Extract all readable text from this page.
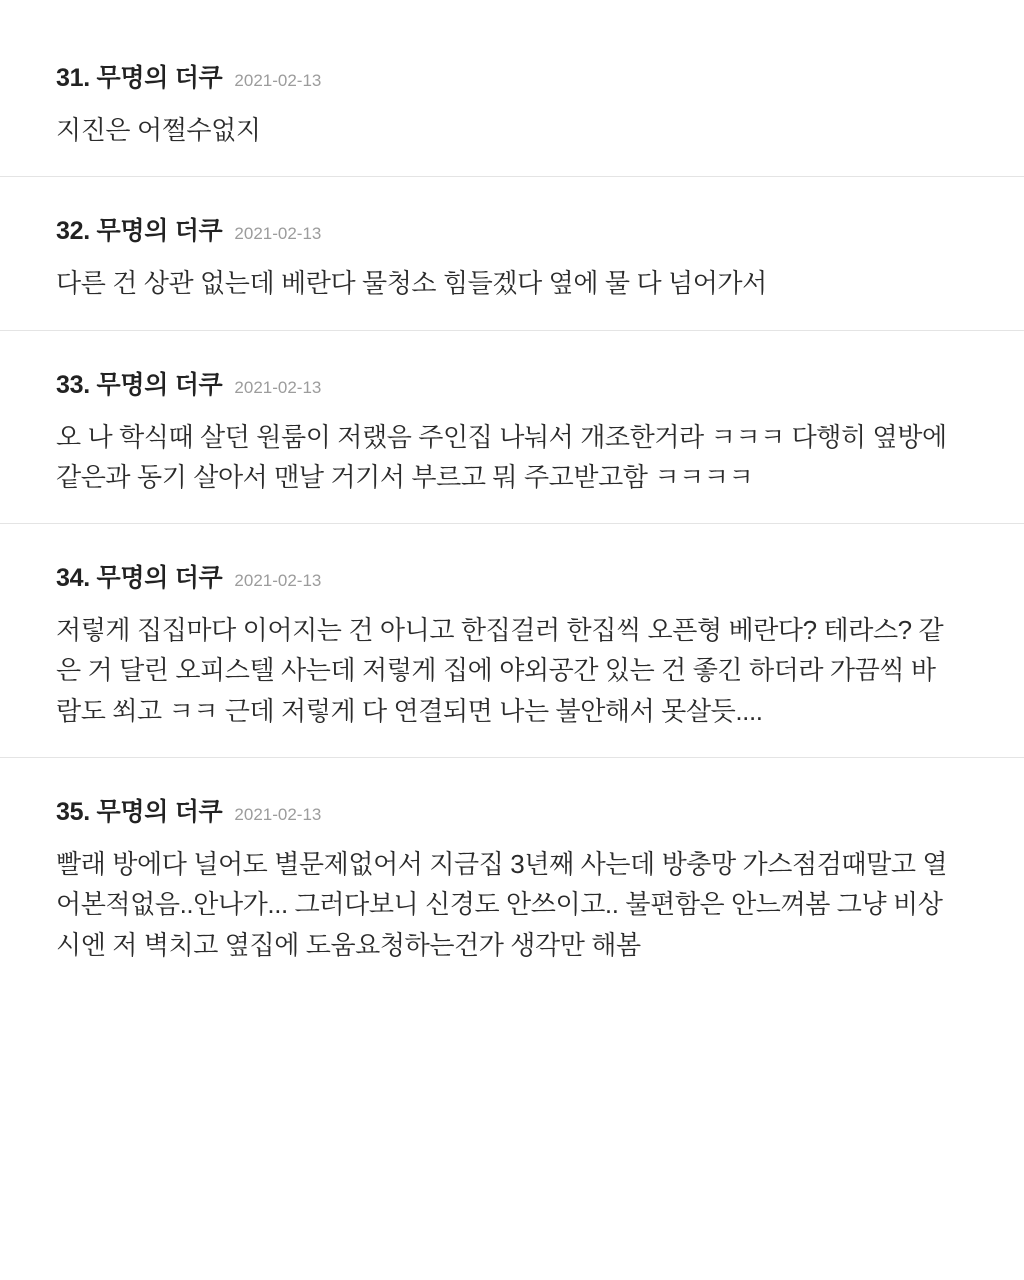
31. 무명의 더쿠 2021-02-13
지진은 어쩔수없지
32. 무명의 더쿠 2021-02-13
다른 건 상관 없는데 베란다 물청소 힘들겠다 옆에 물 다 넘어가서
33. 무명의 더쿠 2021-02-13
오 나 학식때 살던 원룸이 저랬음 주인집 나눠서 개조한거라 ㅋㅋㅋ 다행히 옆방에 같은과 동기 살아서 맨날 거기서 부르고 뭐 주고받고함 ㅋㅋㅋㅋ
34. 무명의 더쿠 2021-02-13
저렇게 집집마다 이어지는 건 아니고 한집걸러 한집씩 오픈형 베란다? 테라스? 같은 거 달린 오피스텔 사는데 저렇게 집에 야외공간 있는 건 좋긴 하더라 가끔씩 바람도 쐬고 ㅋㅋ 근데 저렇게 다 연결되면 나는 불안해서 못살듯....
35. 무명의 더쿠 2021-02-13
빨래 방에다 널어도 별문제없어서 지금집 3년째 사는데 방충망 가스점검때말고 열어본적없음..안나가... 그러다보니 신경도 안쓰이고.. 불편함은 안느껴봄 그냥 비상시엔 저 벽치고 옆집에 도움요청하는건가 생각만 해봄
